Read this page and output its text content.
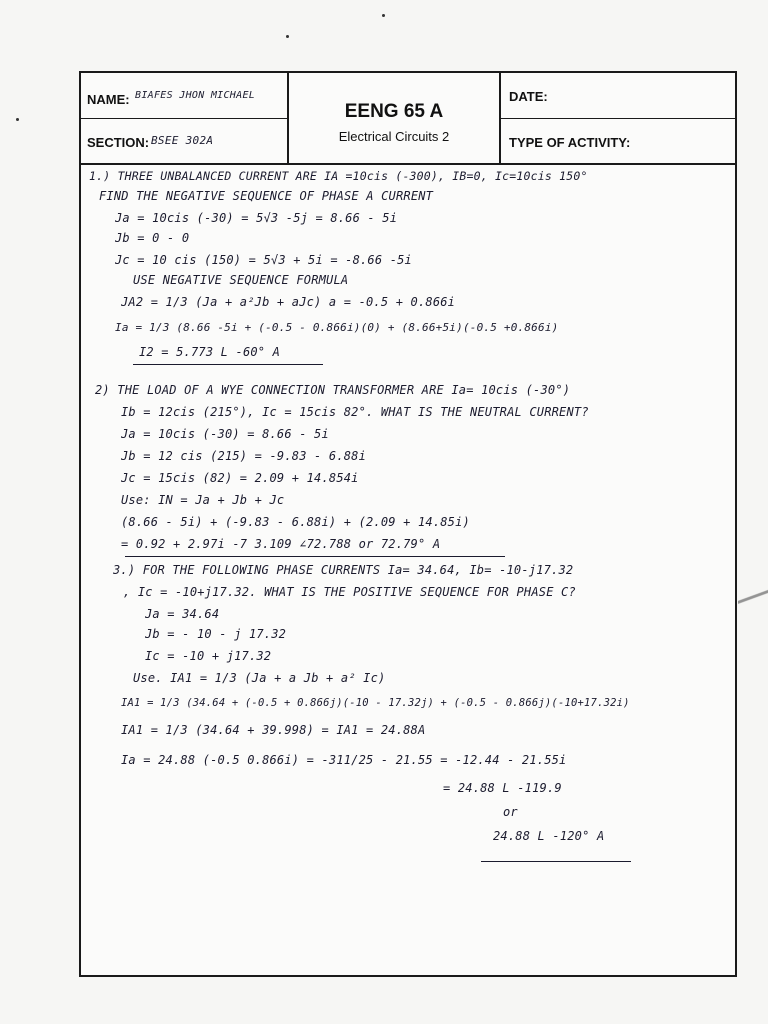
NAME: BIAFES JHON MICHAEL
SECTION: BSEE 302A
EENG 65 A
Electrical Circuits 2
DATE:
TYPE OF ACTIVITY:
1.) THREE UNBALANCED CURRENT ARE IA =10cis (-300), IB=0, Ic=10cis 150°
FIND THE NEGATIVE SEQUENCE OF PHASE A CURRENT
Ja = 10cis (-30) = 5√3 -5j = 8.66 - 5i
Jb = 0 - 0
Jc = 10 cis (150) = 5√3 + 5i = -8.66 -5i
USE NEGATIVE SEQUENCE FORMULA
JA2 = 1/3 (Ja + a²Jb + aJc) a = -0.5 + 0.866i
Ia = 1/3 (8.66 -5i + (-0.5 - 0.866i)(0) + (8.66+5i)(-0.5 +0.866i)
I2 = 5.773 L -60° A
2) THE LOAD OF A WYE CONNECTION TRANSFORMER ARE Ia= 10cis (-30°)
Ib = 12cis (215°), Ic = 15cis 82°. WHAT IS THE NEUTRAL CURRENT?
Ja = 10cis (-30) = 8.66 - 5i
Jb = 12 cis (215) = -9.83 - 6.88i
Jc = 15cis (82) = 2.09 + 14.854i
Use: IN = Ja + Jb + Jc
(8.66 - 5i) + (-9.83 - 6.88i) + (2.09 + 14.85i)
= 0.92 + 2.97i -7 3.109 ∠72.788 or 72.79° A
3.) FOR THE FOLLOWING PHASE CURRENTS Ia= 34.64, Ib= -10-j17.32
, Ic = -10+j17.32. WHAT IS THE POSITIVE SEQUENCE FOR PHASE C?
Ja = 34.64
Jb = - 10 - j 17.32
Ic = -10 + j17.32
Use. IA1 = 1/3 (Ja + a Jb + a² Ic)
IA1 = 1/3 (34.64 + (-0.5 + 0.866j)(-10 - 17.32j) + (-0.5 - 0.866j)(-10+17.32i)
IA1 = 1/3 (34.64 + 39.998) = IA1 = 24.88A
Ia = 24.88 (-0.5 0.866i) = -311/25 - 21.55 = -12.44 - 21.55i
= 24.88 L -119.9
or
24.88 L -120° A
